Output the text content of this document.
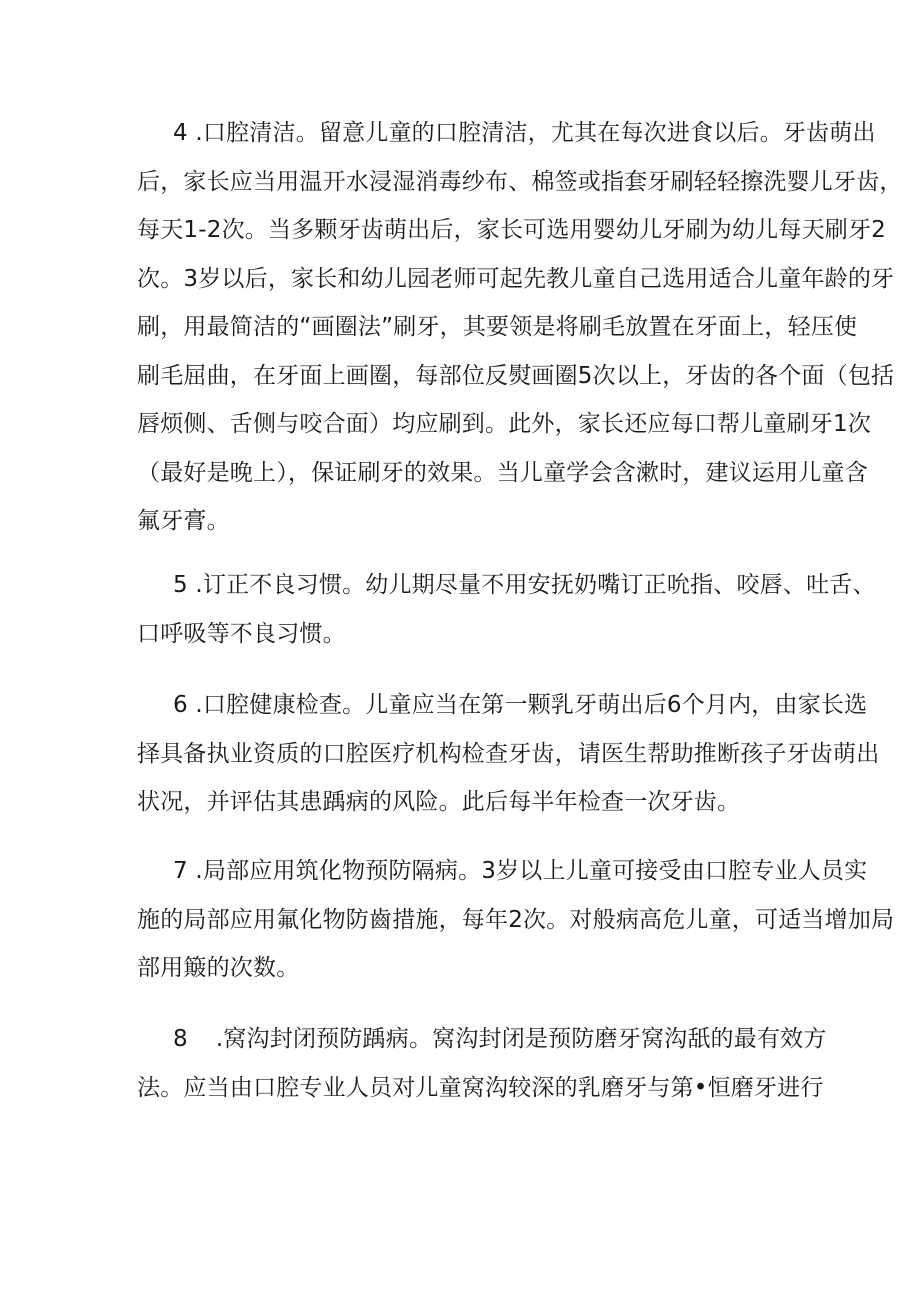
4 .口腔清洁。留意儿童的口腔清洁，尤其在每次进食以后。牙齿萌出
后，家长应当用温开水浸湿消毒纱布、棉签或指套牙刷轻轻擦洗婴儿牙齿，
每天1-2次。当多颗牙齿萌出后，家长可选用婴幼儿牙刷为幼儿每天刷牙2
次。3岁以后，家长和幼儿园老师可起先教儿童自己选用适合儿童年龄的牙
刷，用最简洁的“画圈法”刷牙，其要领是将刷毛放置在牙面上，轻压使
刷毛屈曲，在牙面上画圈，每部位反熨画圈5次以上，牙齿的各个面（包括
唇烦侧、舌侧与咬合面）均应刷到。此外，家长还应每口帮儿童刷牙1次
（最好是晚上），保证刷牙的效果。当儿童学会含漱时，建议运用儿童含
氟牙膏。
5 .订正不良习惯。幼儿期尽量不用安抚奶嘴订正吮指、咬唇、吐舌、
口呼吸等不良习惯。
6 .口腔健康检查。儿童应当在第一颗乳牙萌出后6个月内，由家长选
择具备执业资质的口腔医疗机构检查牙齿，请医生帮助推断孩子牙齿萌出
状况，并评估其患踽病的风险。此后每半年检查一次牙齿。
7 .局部应用筑化物预防隔病。3岁以上儿童可接受由口腔专业人员实
施的局部应用氟化物防齒措施，每年2次。对般病高危儿童，可适当增加局
部用簸的次数。
8 .窝沟封闭预防踽病。窝沟封闭是预防磨牙窝沟舐的最有效方
法。应当由口腔专业人员对儿童窝沟较深的乳磨牙与第•恒磨牙进行
